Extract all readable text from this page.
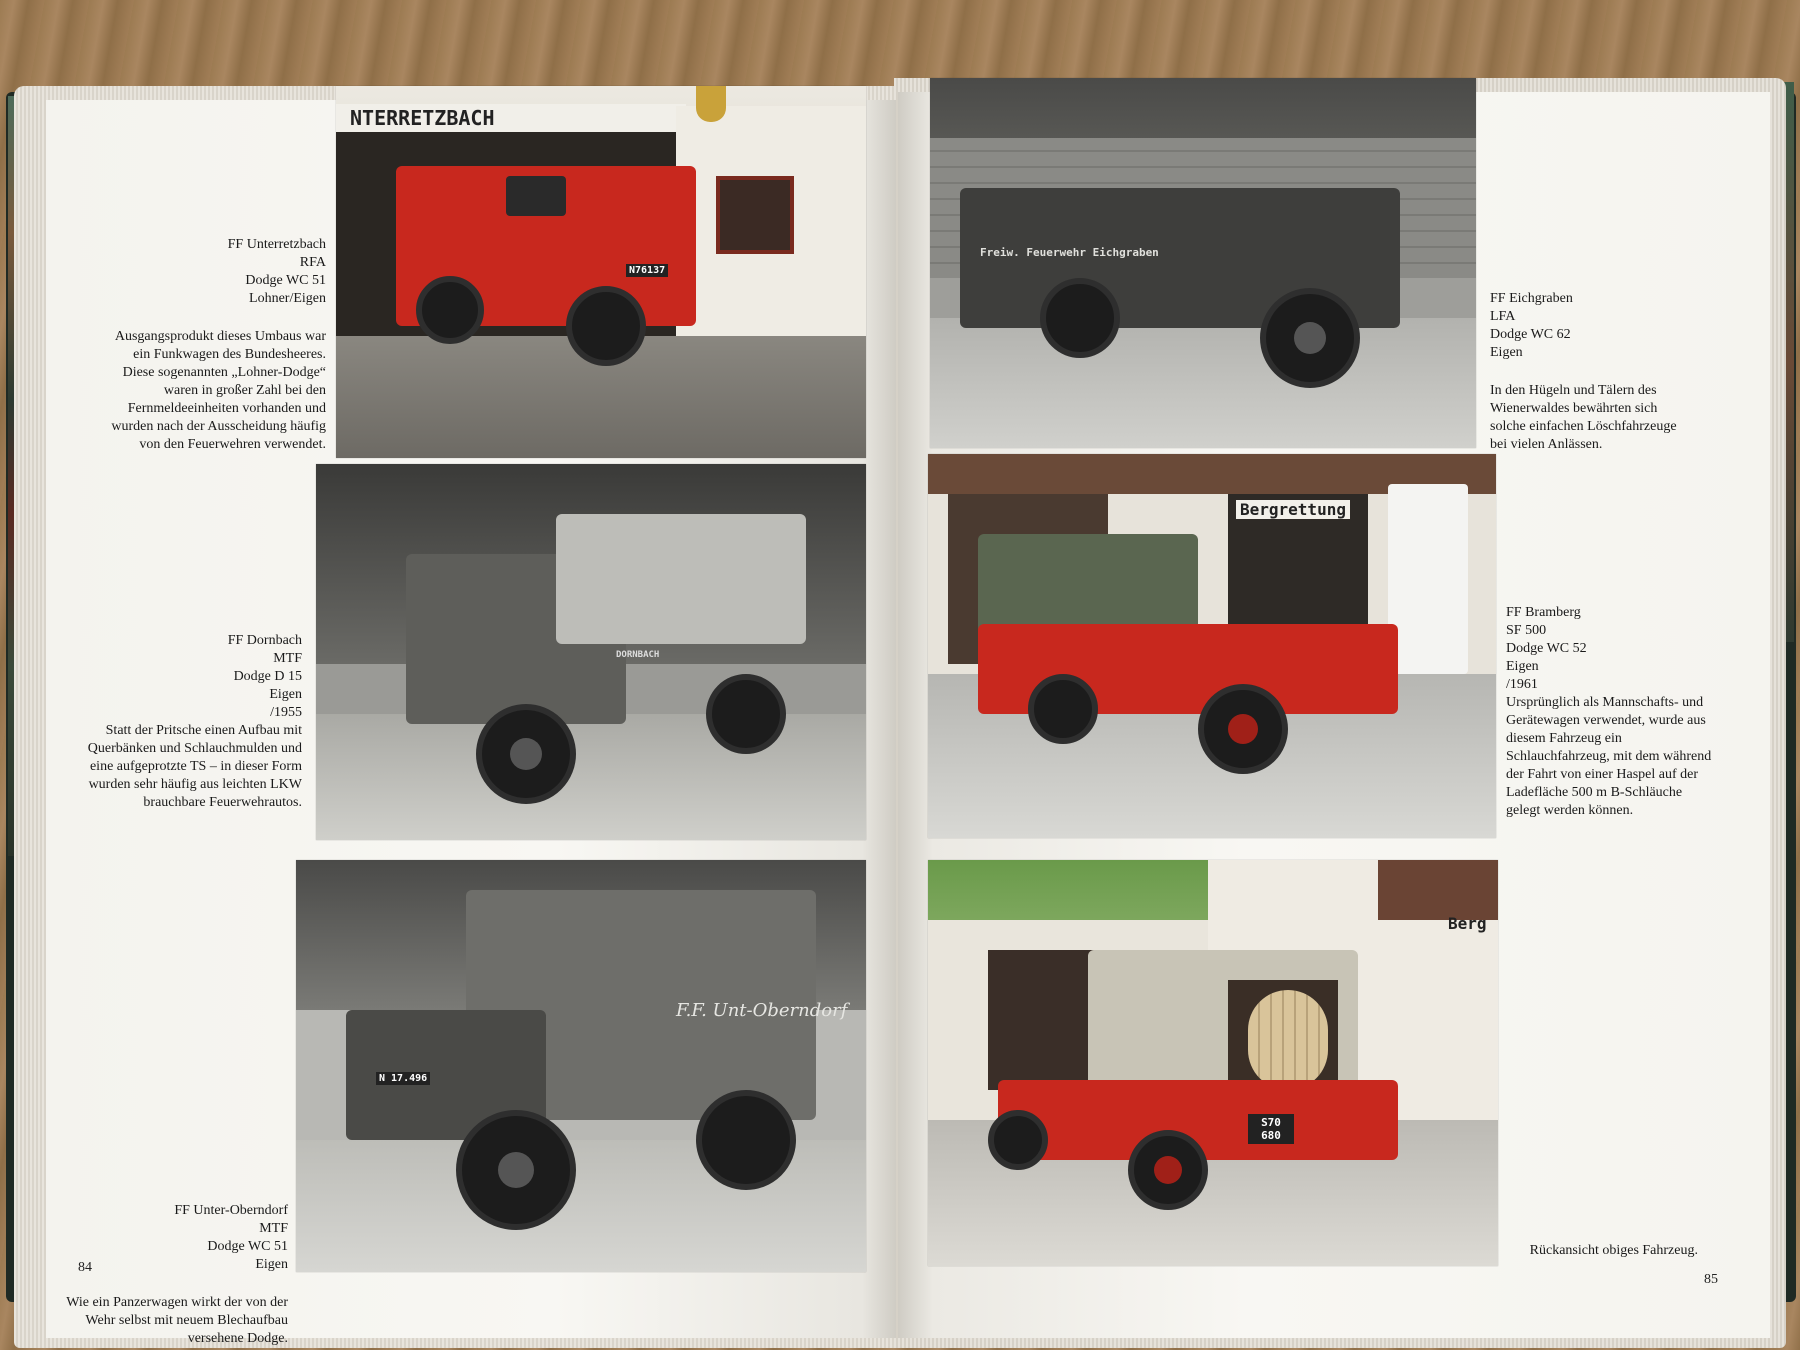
NTERRETZBACH
N76137
FF Unterretzbach
RFA
Dodge WC 51
Lohner/Eigen
Ausgangsprodukt dieses Umbaus war ein Funkwagen des Bundesheeres. Diese sogenannten „Lohner-Dodge“ waren in großer Zahl bei den Fernmeldeeinheiten vorhanden und wurden nach der Ausscheidung häufig von den Feuerwehren verwendet.
DORNBACH
FF Dornbach
MTF
Dodge D 15
Eigen
/1955
Statt der Pritsche einen Aufbau mit Querbänken und Schlauchmulden und eine aufgeprotzte TS – in dieser Form wurden sehr häufig aus leichten LKW brauchbare Feuerwehrautos.
F.F. Unt-Oberndorf
N 17.496
FF Unter-Oberndorf
MTF
Dodge WC 51
Eigen
Wie ein Panzerwagen wirkt der von der Wehr selbst mit neuem Blechaufbau versehene Dodge.
84
Freiw. Feuerwehr Eichgraben
FF Eichgraben
LFA
Dodge WC 62
Eigen
In den Hügeln und Tälern des Wienerwaldes bewährten sich solche einfachen Löschfahrzeuge bei vielen Anlässen.
Bergrettung
FF Bramberg
SF 500
Dodge WC 52
Eigen
/1961
Ursprünglich als Mannschafts- und Gerätewagen verwendet, wurde aus diesem Fahrzeug ein Schlauchfahrzeug, mit dem während der Fahrt von einer Haspel auf der Ladefläche 500 m B-Schläuche gelegt werden können.
Berg
S70 680
Rückansicht obiges Fahrzeug.
85
